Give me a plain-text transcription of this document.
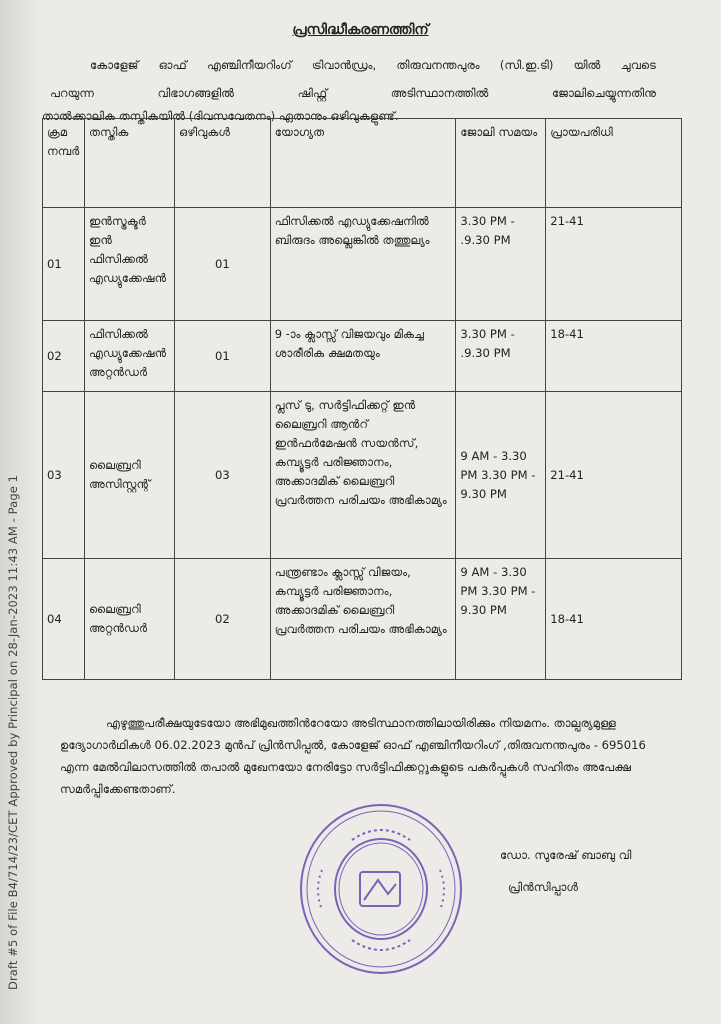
Draft #5 of File B4/714/23/CET Approved by Principal on 28-Jan-2023 11:43 AM - Page 1
പ്രസിദ്ധീകരണത്തിന്
കോളേജ് ഓഫ് എഞ്ചിനീയറിംഗ് ട്രിവാൻഡ്രം, തിരുവനന്തപുരം (സി.ഇ.ടി) യിൽ ചുവടെ
പറയുന്ന വിഭാഗങ്ങളിൽ ഷിഫ്റ്റ് അടിസ്ഥാനത്തിൽ ജോലിചെയ്യുന്നതിനു
താൽക്കാലിക തസ്തികയിൽ (ദിവസവേതനം) ഏതാനും ഒഴിവുകളുണ്ട്.
ക്രമ നമ്പർ	തസ്തിക	ഒഴിവുകൾ	യോഗ്യത	ജോലി സമയം	പ്രായപരിധി
01	ഇൻസ്ട്രക്ടർ ഇൻ ഫിസിക്കൽ എഡ്യുക്കേഷൻ	01	ഫിസിക്കൽ എഡ്യുക്കേഷനിൽ ബിരുദം അല്ലെങ്കിൽ തത്തുല്യം	3.30 PM - .9.30 PM	21-41
02	ഫിസിക്കൽ എഡ്യുക്കേഷൻ അറ്റൻഡർ	01	9 -ാം ക്ലാസ്സ് വിജയവും മികച്ച ശാരീരിക ക്ഷമതയും	3.30 PM - .9.30 PM	18-41
03	ലൈബ്രറി അസിസ്റ്റന്റ്	03	പ്ലസ് ടു, സർട്ടിഫിക്കറ്റ് ഇൻ ലൈബ്രറി ആൻറ് ഇൻഫർമേഷൻ സയൻസ്, കമ്പ്യൂട്ടർ പരിജ്ഞാനം, അക്കാദമിക് ലൈബ്രറി പ്രവർത്തന പരിചയം അഭികാമ്യം	9 AM - 3.30 PM 3.30 PM - 9.30 PM	21-41
04	ലൈബ്രറി അറ്റൻഡർ	02	പന്ത്രണ്ടാം ക്ലാസ്സ് വിജയം, കമ്പ്യൂട്ടർ പരിജ്ഞാനം, അക്കാദമിക് ലൈബ്രറി പ്രവർത്തന പരിചയം അഭികാമ്യം	9 AM - 3.30 PM 3.30 PM - 9.30 PM	18-41
എഴുത്തുപരീക്ഷയുടേയോ അഭിമുഖത്തിൻറേയോ അടിസ്ഥാനത്തിലായിരിക്കും നിയമനം. താല്പര്യമുള്ള ഉദ്യോഗാർഥികൾ 06.02.2023 മുൻപ് പ്രിൻസിപ്പൽ, കോളേജ് ഓഫ് എഞ്ചിനീയറിംഗ് ,തിരുവനന്തപുരം - 695016 എന്ന മേൽവിലാസത്തിൽ തപാൽ മുഖേനയോ നേരിട്ടോ സർട്ടിഫിക്കറ്റുകളുടെ പകർപ്പുകൾ സഹിതം അപേക്ഷ സമർപ്പിക്കേണ്ടതാണ്.
ഡോ. സുരേഷ് ബാബു വി
പ്രിൻസിപ്പാൾ
